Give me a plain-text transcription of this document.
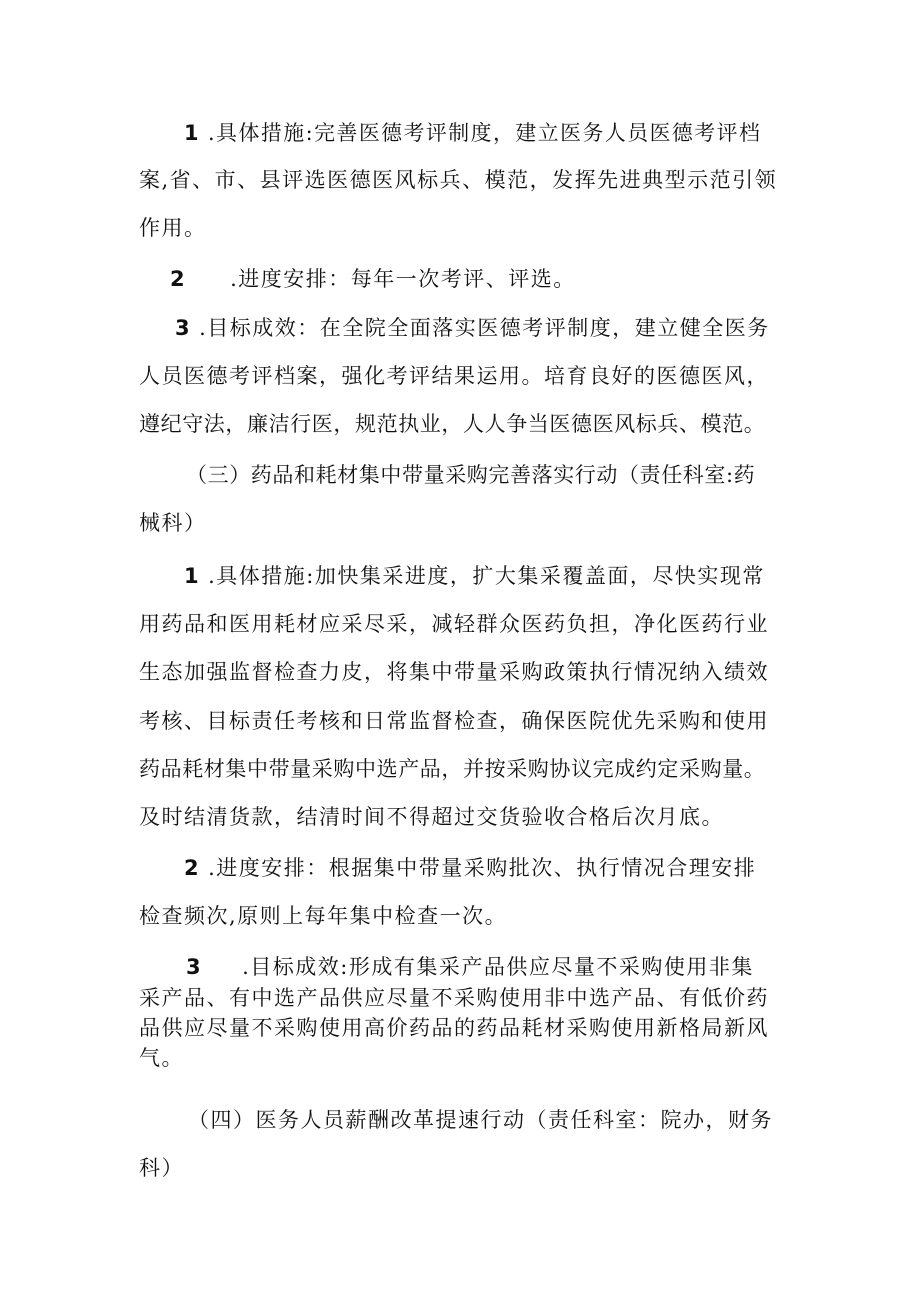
1 .具体措施:完善医德考评制度，建立医务人员医德考评档
案,省、市、县评选医德医风标兵、模范，发挥先进典型示范引领
作用。
2 .进度安排：每年一次考评、评选。
3 .目标成效：在全院全面落实医德考评制度，建立健全医务
人员医德考评档案，强化考评结果运用。培育良好的医德医风，
遵纪守法，廉洁行医，规范执业，人人争当医德医风标兵、模范。
（三）药品和耗材集中带量采购完善落实行动（责任科室:药
械科）
1 .具体措施:加快集采进度，扩大集采覆盖面，尽快实现常
用药品和医用耗材应采尽采，减轻群众医药负担，净化医药行业
生态加强监督检查力皮，将集中带量采购政策执行情况纳入绩效
考核、目标责任考核和日常监督检查，确保医院优先采购和使用
药品耗材集中带量采购中选产品，并按采购协议完成约定采购量。
及时结清货款，结清时间不得超过交货验收合格后次月底。
2 .进度安排：根据集中带量采购批次、执行情况合理安排
检查频次,原则上每年集中检查一次。
3 .目标成效:形成有集采产品供应尽量不采购使用非集
采产品、有中选产品供应尽量不采购使用非中选产品、有低价药
品供应尽量不采购使用高价药品的药品耗材采购使用新格局新风
气。
（四）医务人员薪酬改革提速行动（责任科室：院办，财务
科）
